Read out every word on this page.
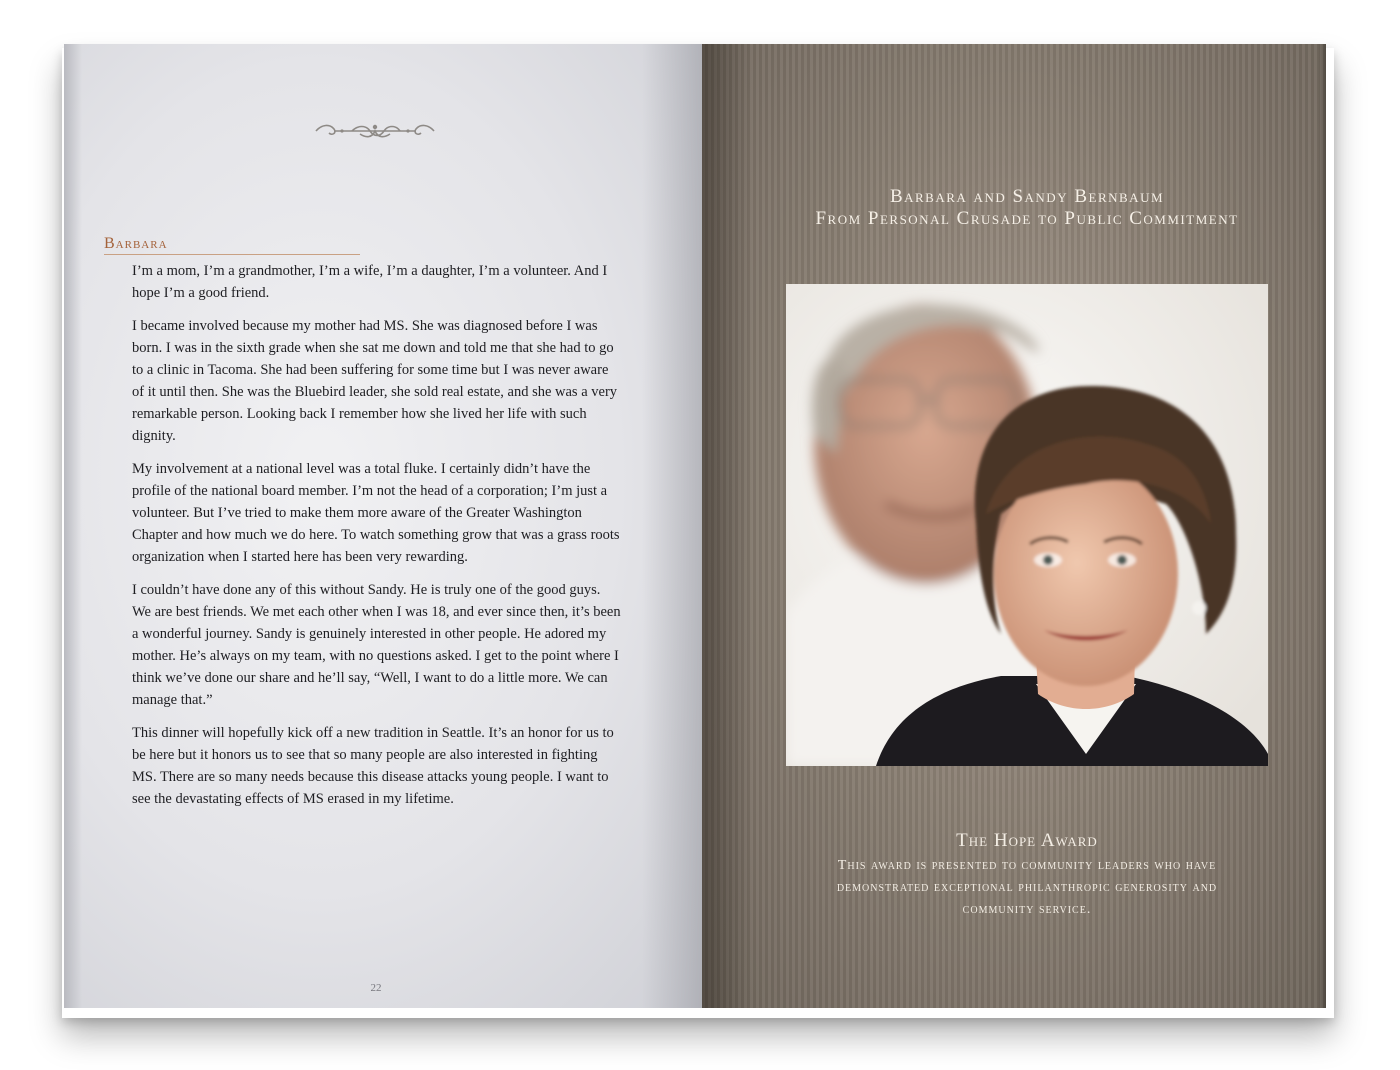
Barbara

I’m a mom, I’m a grandmother, I’m a wife, I’m a daughter, I’m a volunteer. And I hope I’m a good friend.

I became involved because my mother had MS. She was diagnosed before I was born. I was in the sixth grade when she sat me down and told me that she had to go to a clinic in Tacoma. She had been suffering for some time but I was never aware of it until then. She was the Bluebird leader, she sold real estate, and she was a very remarkable person. Looking back I remember how she lived her life with such dignity.

My involvement at a national level was a total fluke. I certainly didn’t have the profile of the national board member. I’m not the head of a corporation; I’m just a volunteer. But I’ve tried to make them more aware of the Greater Washington Chapter and how much we do here. To watch something grow that was a grass roots organization when I started here has been very rewarding.

I couldn’t have done any of this without Sandy. He is truly one of the good guys. We are best friends. We met each other when I was 18, and ever since then, it’s been a wonderful journey. Sandy is genuinely interested in other people. He adored my mother. He’s always on my team, with no questions asked. I get to the point where I think we’ve done our share and he’ll say, “Well, I want to do a little more. We can manage that.”

This dinner will hopefully kick off a new tradition in Seattle. It’s an honor for us to be here but it honors us to see that so many people are also interested in fighting MS. There are so many needs because this disease attacks young people. I want to see the devastating effects of MS erased in my lifetime.

22
Barbara and Sandy Bernbaum
From Personal Crusade to Public Commitment
The Hope Award
This award is presented to community leaders who have demonstrated exceptional philanthropic generosity and community service.
